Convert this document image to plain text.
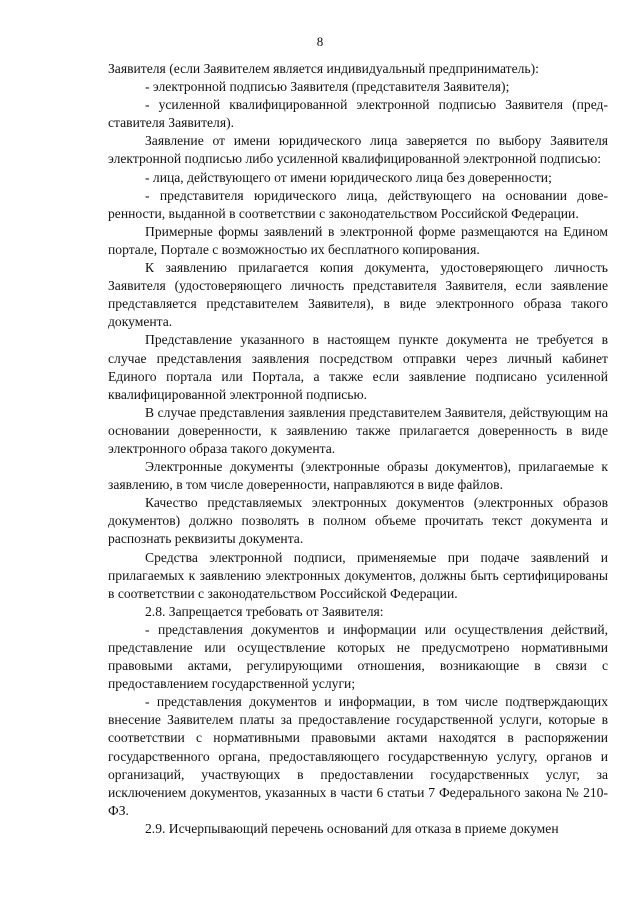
8

Заявителя (если Заявителем является индивидуальный предприниматель):

- электронной подписью Заявителя (представителя Заявителя);

- усиленной квалифицированной электронной подписью Заявителя (представителя Заявителя).

Заявление от имени юридического лица заверяется по выбору Заявителя электронной подписью либо усиленной квалифицированной электронной подписью:

- лица, действующего от имени юридического лица без доверенности;

- представителя юридического лица, действующего на основании доверенности, выданной в соответствии с законодательством Российской Федерации.

Примерные формы заявлений в электронной форме размещаются на Едином портале, Портале с возможностью их бесплатного копирования.

К заявлению прилагается копия документа, удостоверяющего личность Заявителя (удостоверяющего личность представителя Заявителя, если заявление представляется представителем Заявителя), в виде электронного образа такого документа.

Представление указанного в настоящем пункте документа не требуется в случае представления заявления посредством отправки через личный кабинет Единого портала или Портала, а также если заявление подписано усиленной квалифицированной электронной подписью.

В случае представления заявления представителем Заявителя, действующим на основании доверенности, к заявлению также прилагается доверенность в виде электронного образа такого документа.

Электронные документы (электронные образы документов), прилагаемые к заявлению, в том числе доверенности, направляются в виде файлов.

Качество представляемых электронных документов (электронных образов документов) должно позволять в полном объеме прочитать текст документа и распознать реквизиты документа.

Средства электронной подписи, применяемые при подаче заявлений и прилагаемых к заявлению электронных документов, должны быть сертифицированы в соответствии с законодательством Российской Федерации.

2.8. Запрещается требовать от Заявителя:

- представления документов и информации или осуществления действий, представление или осуществление которых не предусмотрено нормативными правовыми актами, регулирующими отношения, возникающие в связи с предоставлением государственной услуги;

- представления документов и информации, в том числе подтверждающих внесение Заявителем платы за предоставление государственной услуги, которые в соответствии с нормативными правовыми актами находятся в распоряжении государственного органа, предоставляющего государственную услугу, органов и организаций, участвующих в предоставлении государственных услуг, за исключением документов, указанных в части 6 статьи 7 Федерального закона № 210-ФЗ.

2.9. Исчерпывающий перечень оснований для отказа в приеме докумен
